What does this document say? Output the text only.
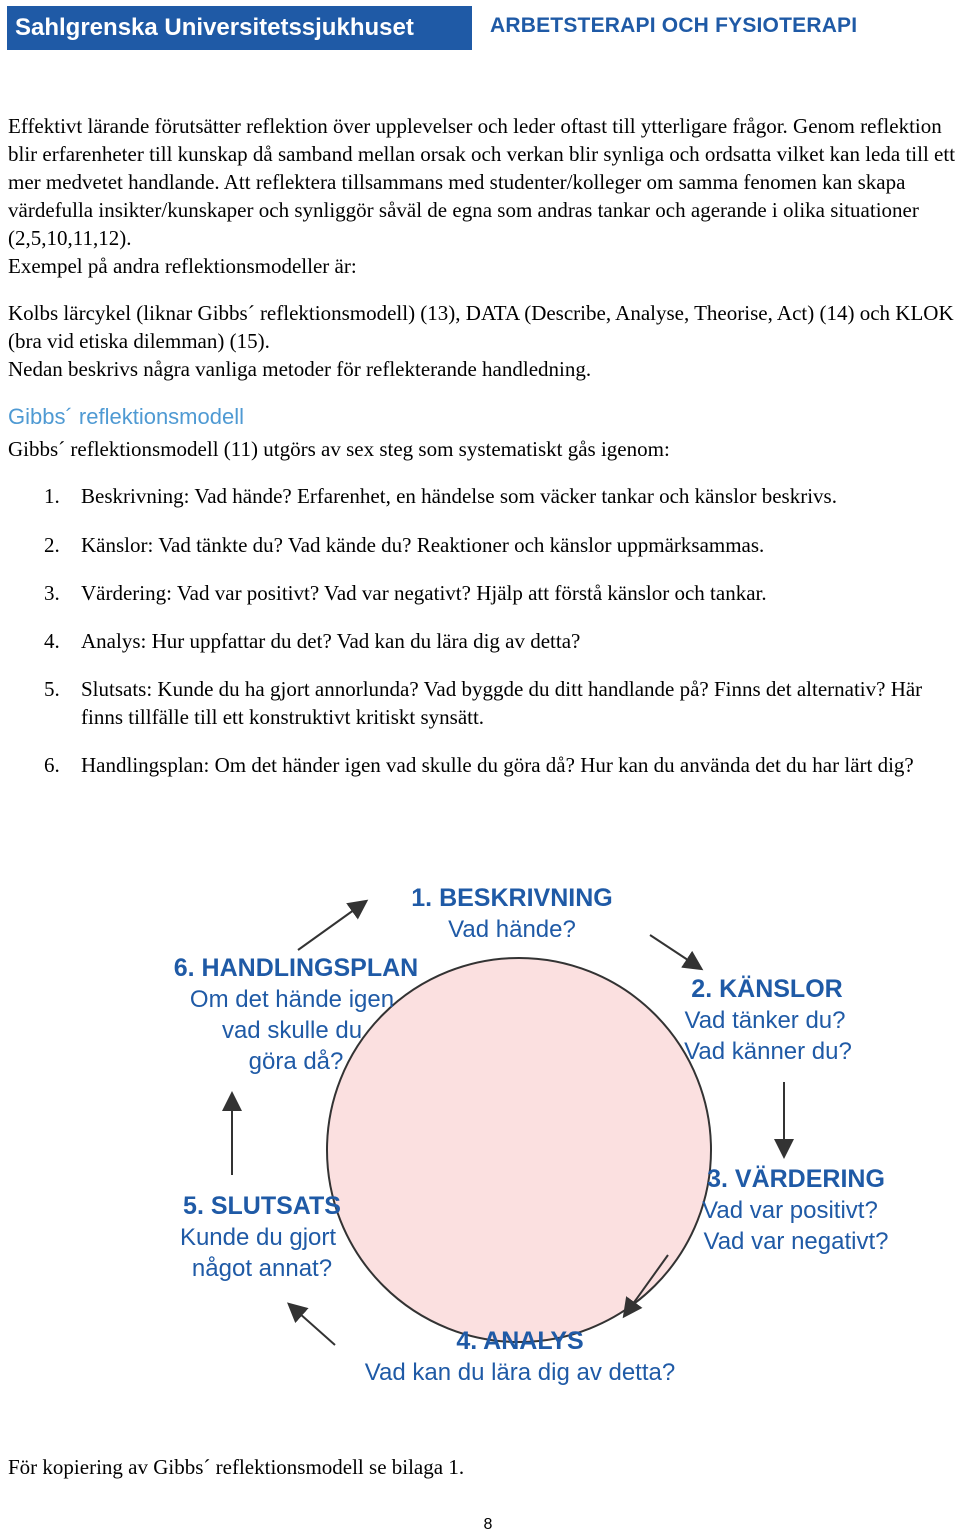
Sahlgrenska Universitetssjukhuset	ARBETSTERAPI OCH FYSIOTERAPI

Effektivt lärande förutsätter reflektion över upplevelser och leder oftast till ytterligare frågor. Genom reflektion blir erfarenheter till kunskap då samband mellan orsak och verkan blir synliga och ordsatta vilket kan leda till ett mer medvetet handlande. Att reflektera tillsammans med studenter/kolleger om samma fenomen kan skapa värdefulla insikter/kunskaper och synliggör såväl de egna som andras tankar och agerande i olika situationer (2,5,10,11,12).

Exempel på andra reflektionsmodeller är:

Kolbs lärcykel (liknar Gibbs´ reflektionsmodell) (13), DATA (Describe, Analyse, Theorise, Act) (14) och KLOK (bra vid etiska dilemman) (15).

Nedan beskrivs några vanliga metoder för reflekterande handledning.

Gibbs´ reflektionsmodell

Gibbs´ reflektionsmodell (11) utgörs av sex steg som systematiskt gås igenom:

1. Beskrivning: Vad hände? Erfarenhet, en händelse som väcker tankar och känslor beskrivs.
2. Känslor: Vad tänkte du? Vad kände du? Reaktioner och känslor uppmärksammas.
3. Värdering: Vad var positivt? Vad var negativt? Hjälp att förstå känslor och tankar.
4. Analys: Hur uppfattar du det? Vad kan du lära dig av detta?
5. Slutsats: Kunde du ha gjort annorlunda? Vad byggde du ditt handlande på? Finns det alternativ? Här finns tillfälle till ett konstruktivt kritiskt synsätt.
6. Handlingsplan: Om det händer igen vad skulle du göra då? Hur kan du använda det du har lärt dig?
1. BESKRIVNING
Vad hände?
2. KÄNSLOR
Vad tänker du?
Vad känner du?
3. VÄRDERING
Vad var positivt?
Vad var negativt?
4. ANALYS
Vad kan du lära dig av detta?
5. SLUTSATS
Kunde du gjort
något annat?
6. HANDLINGSPLAN
Om det hände igen
vad skulle du
göra då?

För kopiering av Gibbs´ reflektionsmodell se bilaga 1.

8
